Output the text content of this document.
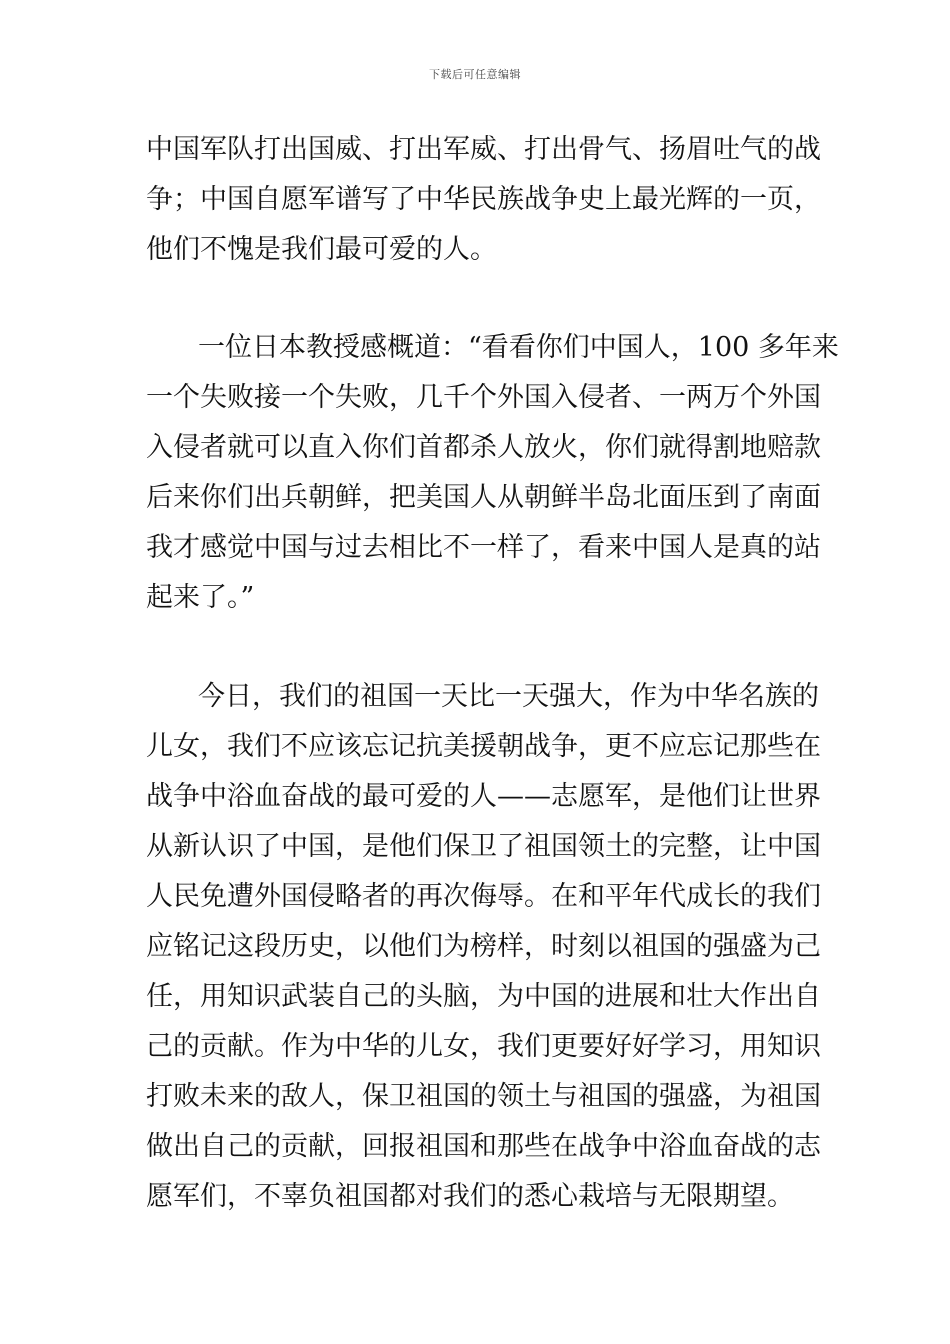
下载后可任意编辑
中国军队打出国威、打出军威、打出骨气、扬眉吐气的战
争；中国自愿军谱写了中华民族战争史上最光辉的一页，
他们不愧是我们最可爱的人。
一位日本教授感概道：“看看你们中国人，100 多年来
一个失败接一个失败，几千个外国入侵者、一两万个外国
入侵者就可以直入你们首都杀人放火，你们就得割地赔款
后来你们出兵朝鲜，把美国人从朝鲜半岛北面压到了南面
我才感觉中国与过去相比不一样了，看来中国人是真的站
起来了。”
今日，我们的祖国一天比一天强大，作为中华名族的
儿女，我们不应该忘记抗美援朝战争，更不应忘记那些在
战争中浴血奋战的最可爱的人——志愿军，是他们让世界
从新认识了中国，是他们保卫了祖国领土的完整，让中国
人民免遭外国侵略者的再次侮辱。在和平年代成长的我们
应铭记这段历史，以他们为榜样，时刻以祖国的强盛为己
任，用知识武装自己的头脑，为中国的进展和壮大作出自
己的贡献。作为中华的儿女，我们更要好好学习，用知识
打败未来的敌人，保卫祖国的领土与祖国的强盛，为祖国
做出自己的贡献，回报祖国和那些在战争中浴血奋战的志
愿军们，不辜负祖国都对我们的悉心栽培与无限期望。
